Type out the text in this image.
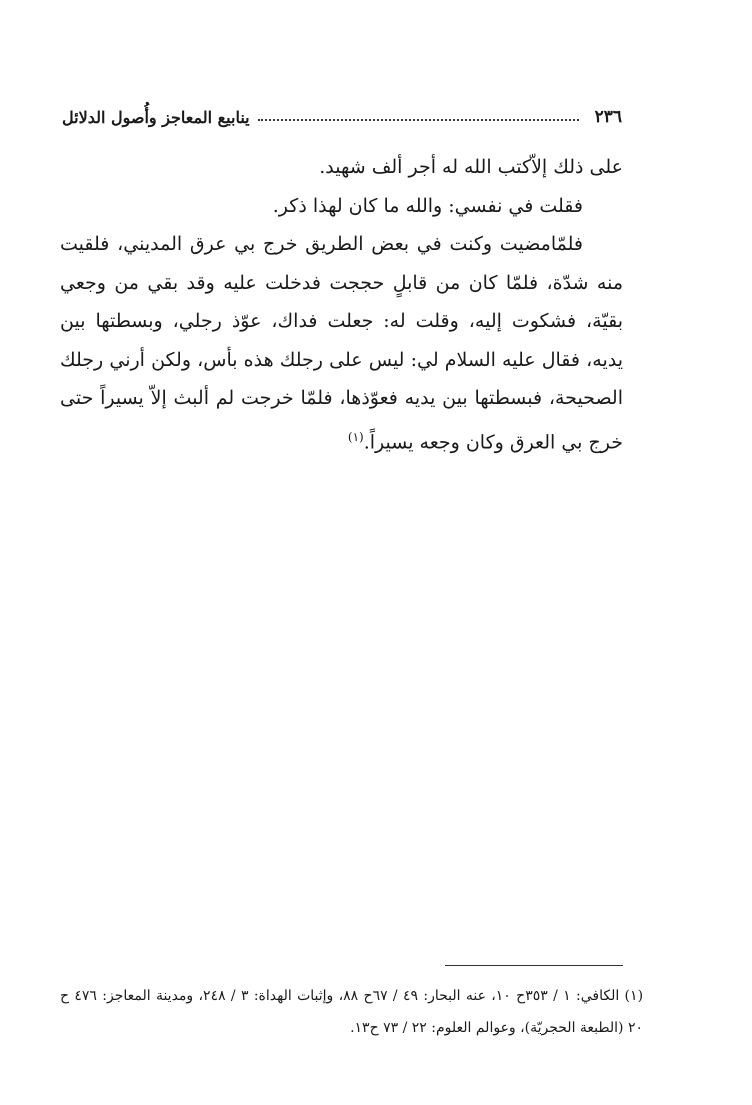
٢٣٦
ينابيع المعاجز وأُصول الدلائل

على ذلك إلاّكتب الله له أجر ألف شهيد.

فقلت في نفسي: والله ما كان لهذا ذكر.

فلمّامضيت وكنت في بعض الطريق خرج بي عرق المديني، فلقيت منه شدّة، فلمّا كان من قابلٍ حججت فدخلت عليه وقد بقي من وجعي بقيّة، فشكوت إليه، وقلت له: جعلت فداك، عوّذ رجلي، وبسطتها بين يديه، فقال عليه السلام لي: ليس على رجلك هذه بأس، ولكن أرني رجلك الصحيحة، فبسطتها بين يديه فعوّذها، فلمّا خرجت لم ألبث إلاّ يسيراً حتى خرج بي العرق وكان وجعه يسيراً.$^{(١)}$

(١) الكافي: ١ / ٣٥٣ح ١٠، عنه البحار: ٤٩ / ٦٧ح ٨٨، وإثبات الهداة: ٣ / ٢٤٨، ومدينة المعاجز: ٤٧٦ ح ٢٠ (الطبعة الحجريّة)، وعوالم العلوم: ٢٢ / ٧٣ ح١٣.
